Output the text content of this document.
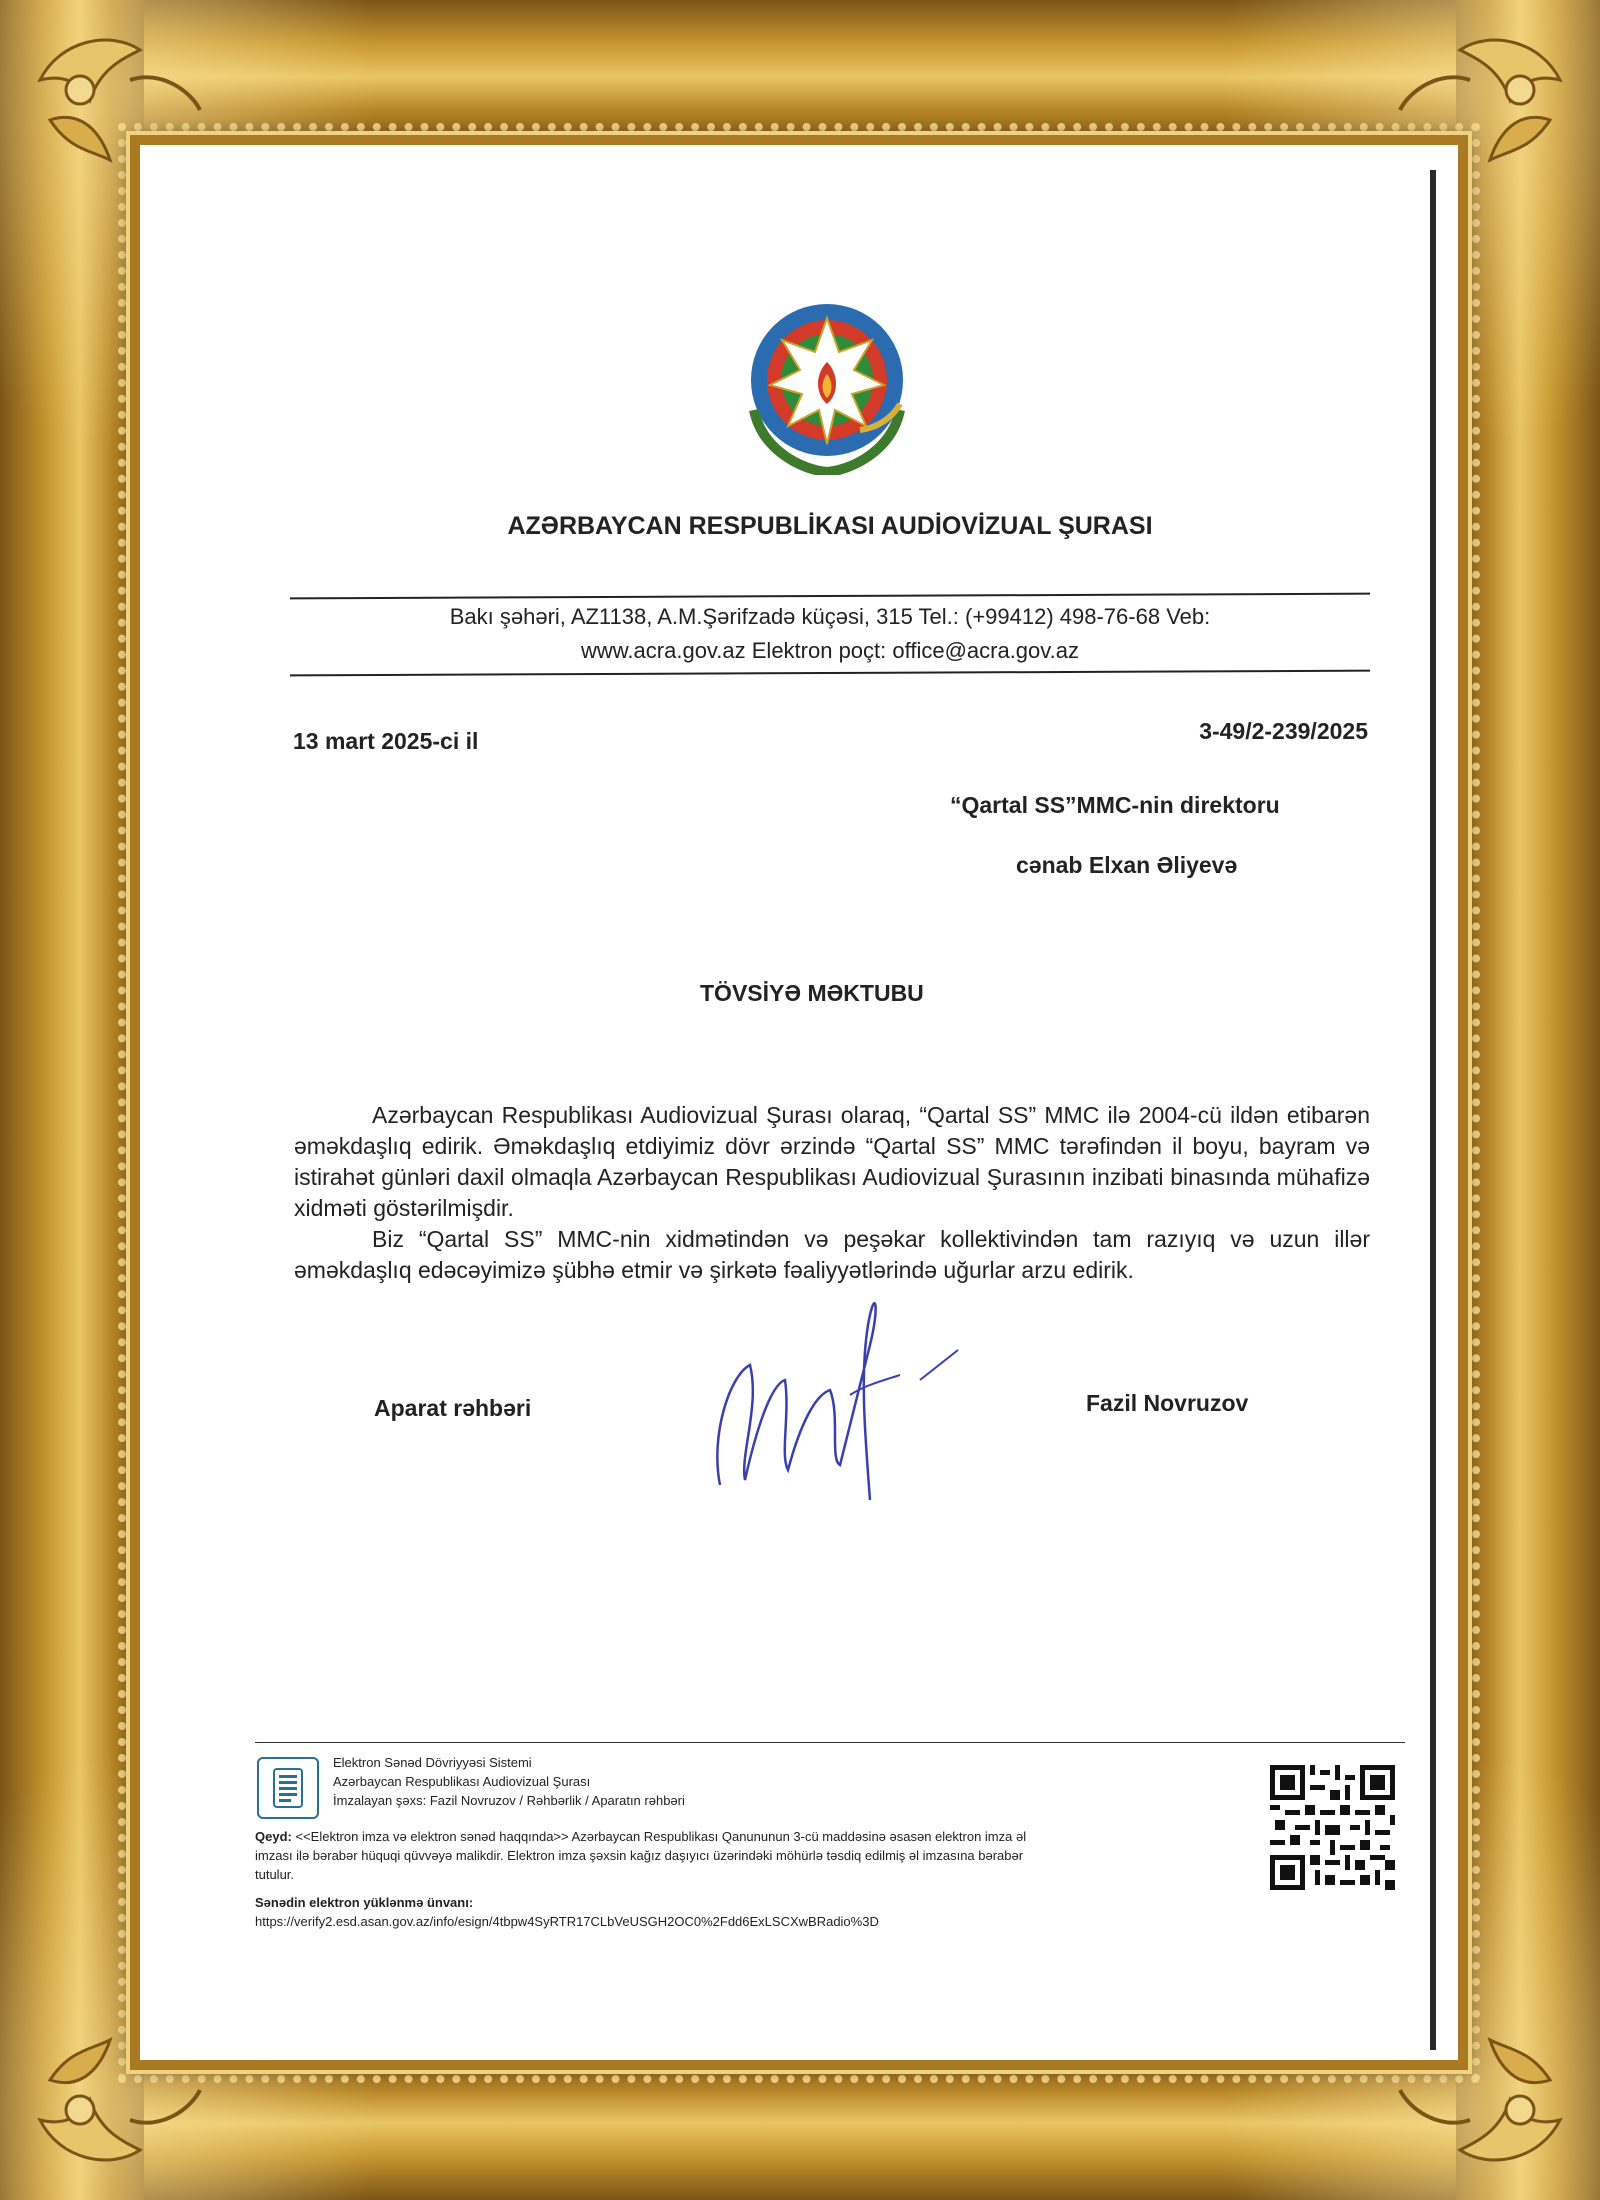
AZƏRBAYCAN RESPUBLİKASI AUDİOVİZUAL ŞURASI
Bakı şəhəri, AZ1138, A.M.Şərifzadə küçəsi, 315 Tel.: (+99412) 498-76-68 Veb:
www.acra.gov.az Elektron poçt: office@acra.gov.az
13 mart 2025-ci il	3-49/2-239/2025
“Qartal SS”MMC-nin direktoru
cənab Elxan Əliyevə
TÖVSİYƏ MƏKTUBU

Azərbaycan Respublikası Audiovizual Şurası olaraq, “Qartal SS” MMC ilə 2004-cü ildən etibarən əməkdaşlıq edirik. Əməkdaşlıq etdiyimiz dövr ərzində “Qartal SS” MMC tərəfindən il boyu, bayram və istirahət günləri daxil olmaqla Azərbaycan Respublikası Audiovizual Şurasının inzibati binasında mühafizə xidməti göstərilmişdir.

Biz “Qartal SS” MMC-nin xidmətindən və peşəkar kollektivindən tam razıyıq və uzun illər əməkdaşlıq edəcəyimizə şübhə etmir və şirkətə fəaliyyətlərində uğurlar arzu edirik.

Aparat rəhbəri	Fazil Novruzov
Elektron Sənəd Dövriyyəsi Sistemi
Azərbaycan Respublikası Audiovizual Şurası
İmzalayan şəxs: Fazil Novruzov / Rəhbərlik / Aparatın rəhbəri
Qeyd: <<Elektron imza və elektron sənəd haqqında>> Azərbaycan Respublikası Qanununun 3-cü maddəsinə əsasən elektron imza əl imzası ilə bərabər hüquqi qüvvəyə malikdir. Elektron imza şəxsin kağız daşıyıcı üzərindəki möhürlə təsdiq edilmiş əl imzasına bərabər tutulur.
Sənədin elektron yüklənmə ünvanı:
https://verify2.esd.asan.gov.az/info/esign/4tbpw4SyRTR17CLbVeUSGH2OC0%2Fdd6ExLSCXwBRadio%3D
